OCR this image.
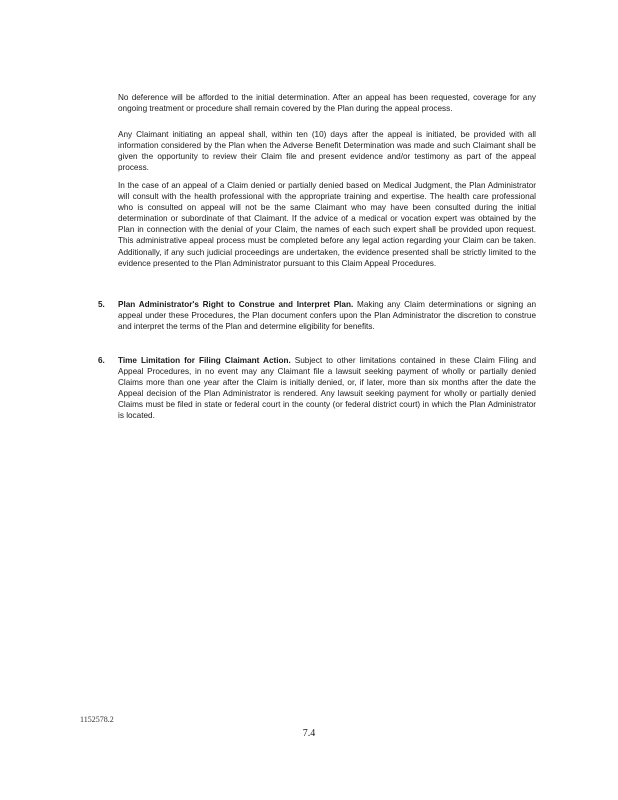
No deference will be afforded to the initial determination. After an appeal has been requested, coverage for any ongoing treatment or procedure shall remain covered by the Plan during the appeal process.

Any Claimant initiating an appeal shall, within ten (10) days after the appeal is initiated, be provided with all information considered by the Plan when the Adverse Benefit Determination was made and such Claimant shall be given the opportunity to review their Claim file and present evidence and/or testimony as part of the appeal process.

In the case of an appeal of a Claim denied or partially denied based on Medical Judgment, the Plan Administrator will consult with the health professional with the appropriate training and expertise. The health care professional who is consulted on appeal will not be the same Claimant who may have been consulted during the initial determination or subordinate of that Claimant. If the advice of a medical or vocation expert was obtained by the Plan in connection with the denial of your Claim, the names of each such expert shall be provided upon request. This administrative appeal process must be completed before any legal action regarding your Claim can be taken. Additionally, if any such judicial proceedings are undertaken, the evidence presented shall be strictly limited to the evidence presented to the Plan Administrator pursuant to this Claim Appeal Procedures.

5. Plan Administrator's Right to Construe and Interpret Plan. Making any Claim determinations or signing an appeal under these Procedures, the Plan document confers upon the Plan Administrator the discretion to construe and interpret the terms of the Plan and determine eligibility for benefits.
6. Time Limitation for Filing Claimant Action. Subject to other limitations contained in these Claim Filing and Appeal Procedures, in no event may any Claimant file a lawsuit seeking payment of wholly or partially denied Claims more than one year after the Claim is initially denied, or, if later, more than six months after the date the Appeal decision of the Plan Administrator is rendered. Any lawsuit seeking payment for wholly or partially denied Claims must be filed in state or federal court in the county (or federal district court) in which the Plan Administrator is located.
1152578.2
7.4
